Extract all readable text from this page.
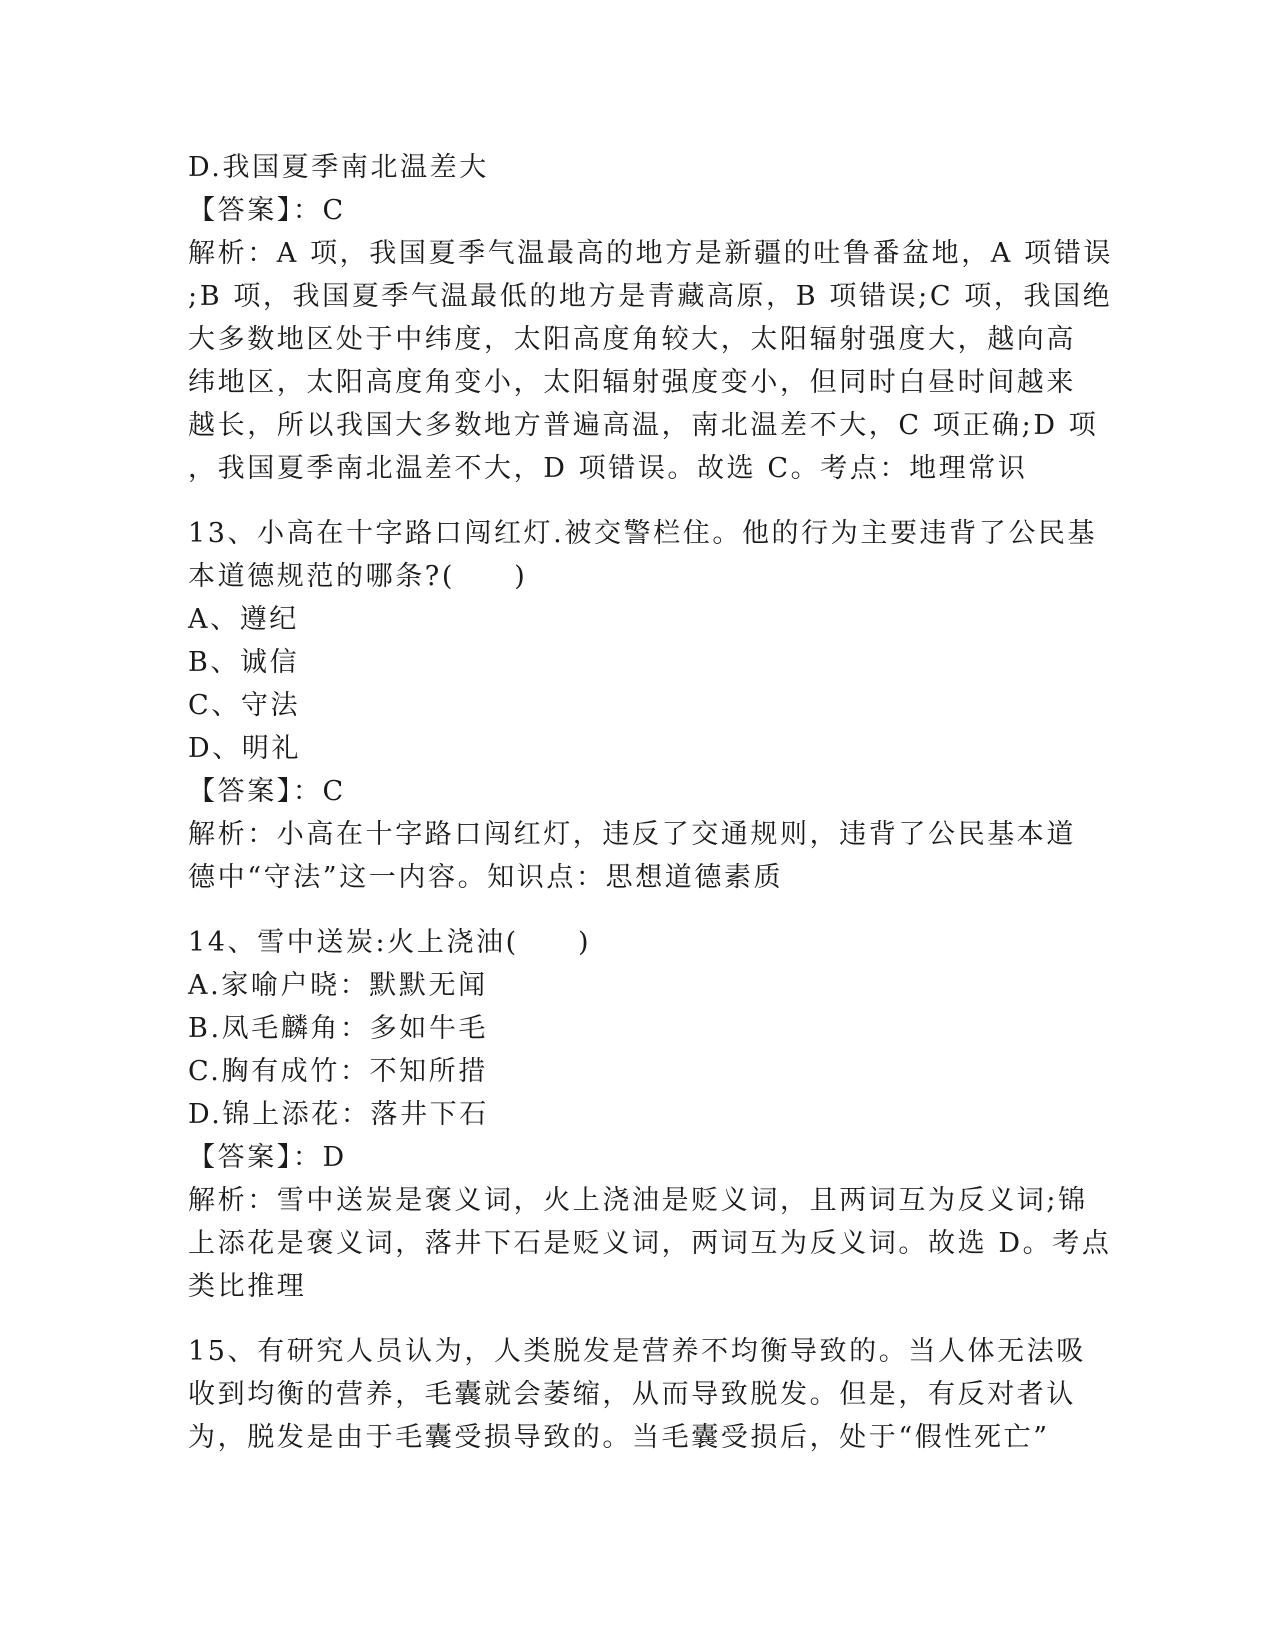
D.我国夏季南北温差大
【答案】：C
解析：A 项，我国夏季气温最高的地方是新疆的吐鲁番盆地，A 项错误
;B 项，我国夏季气温最低的地方是青藏高原，B 项错误;C 项，我国绝
大多数地区处于中纬度，太阳高度角较大，太阳辐射强度大，越向高
纬地区，太阳高度角变小，太阳辐射强度变小，但同时白昼时间越来
越长，所以我国大多数地方普遍高温，南北温差不大，C 项正确;D 项
，我国夏季南北温差不大，D 项错误。故选 C。考点：地理常识
13、小高在十字路口闯红灯.被交警栏住。他的行为主要违背了公民基
本道德规范的哪条?(　　)
A、遵纪
B、诚信
C、守法
D、明礼
【答案】：C
解析：小高在十字路口闯红灯，违反了交通规则，违背了公民基本道
德中“守法”这一内容。知识点：思想道德素质
14、雪中送炭:火上浇油(　　)
A.家喻户晓：默默无闻
B.凤毛麟角：多如牛毛
C.胸有成竹：不知所措
D.锦上添花：落井下石
【答案】：D
解析：雪中送炭是褒义词，火上浇油是贬义词，且两词互为反义词;锦
上添花是褒义词，落井下石是贬义词，两词互为反义词。故选 D。考点
类比推理
15、有研究人员认为，人类脱发是营养不均衡导致的。当人体无法吸
收到均衡的营养，毛囊就会萎缩，从而导致脱发。但是，有反对者认
为，脱发是由于毛囊受损导致的。当毛囊受损后，处于“假性死亡”
